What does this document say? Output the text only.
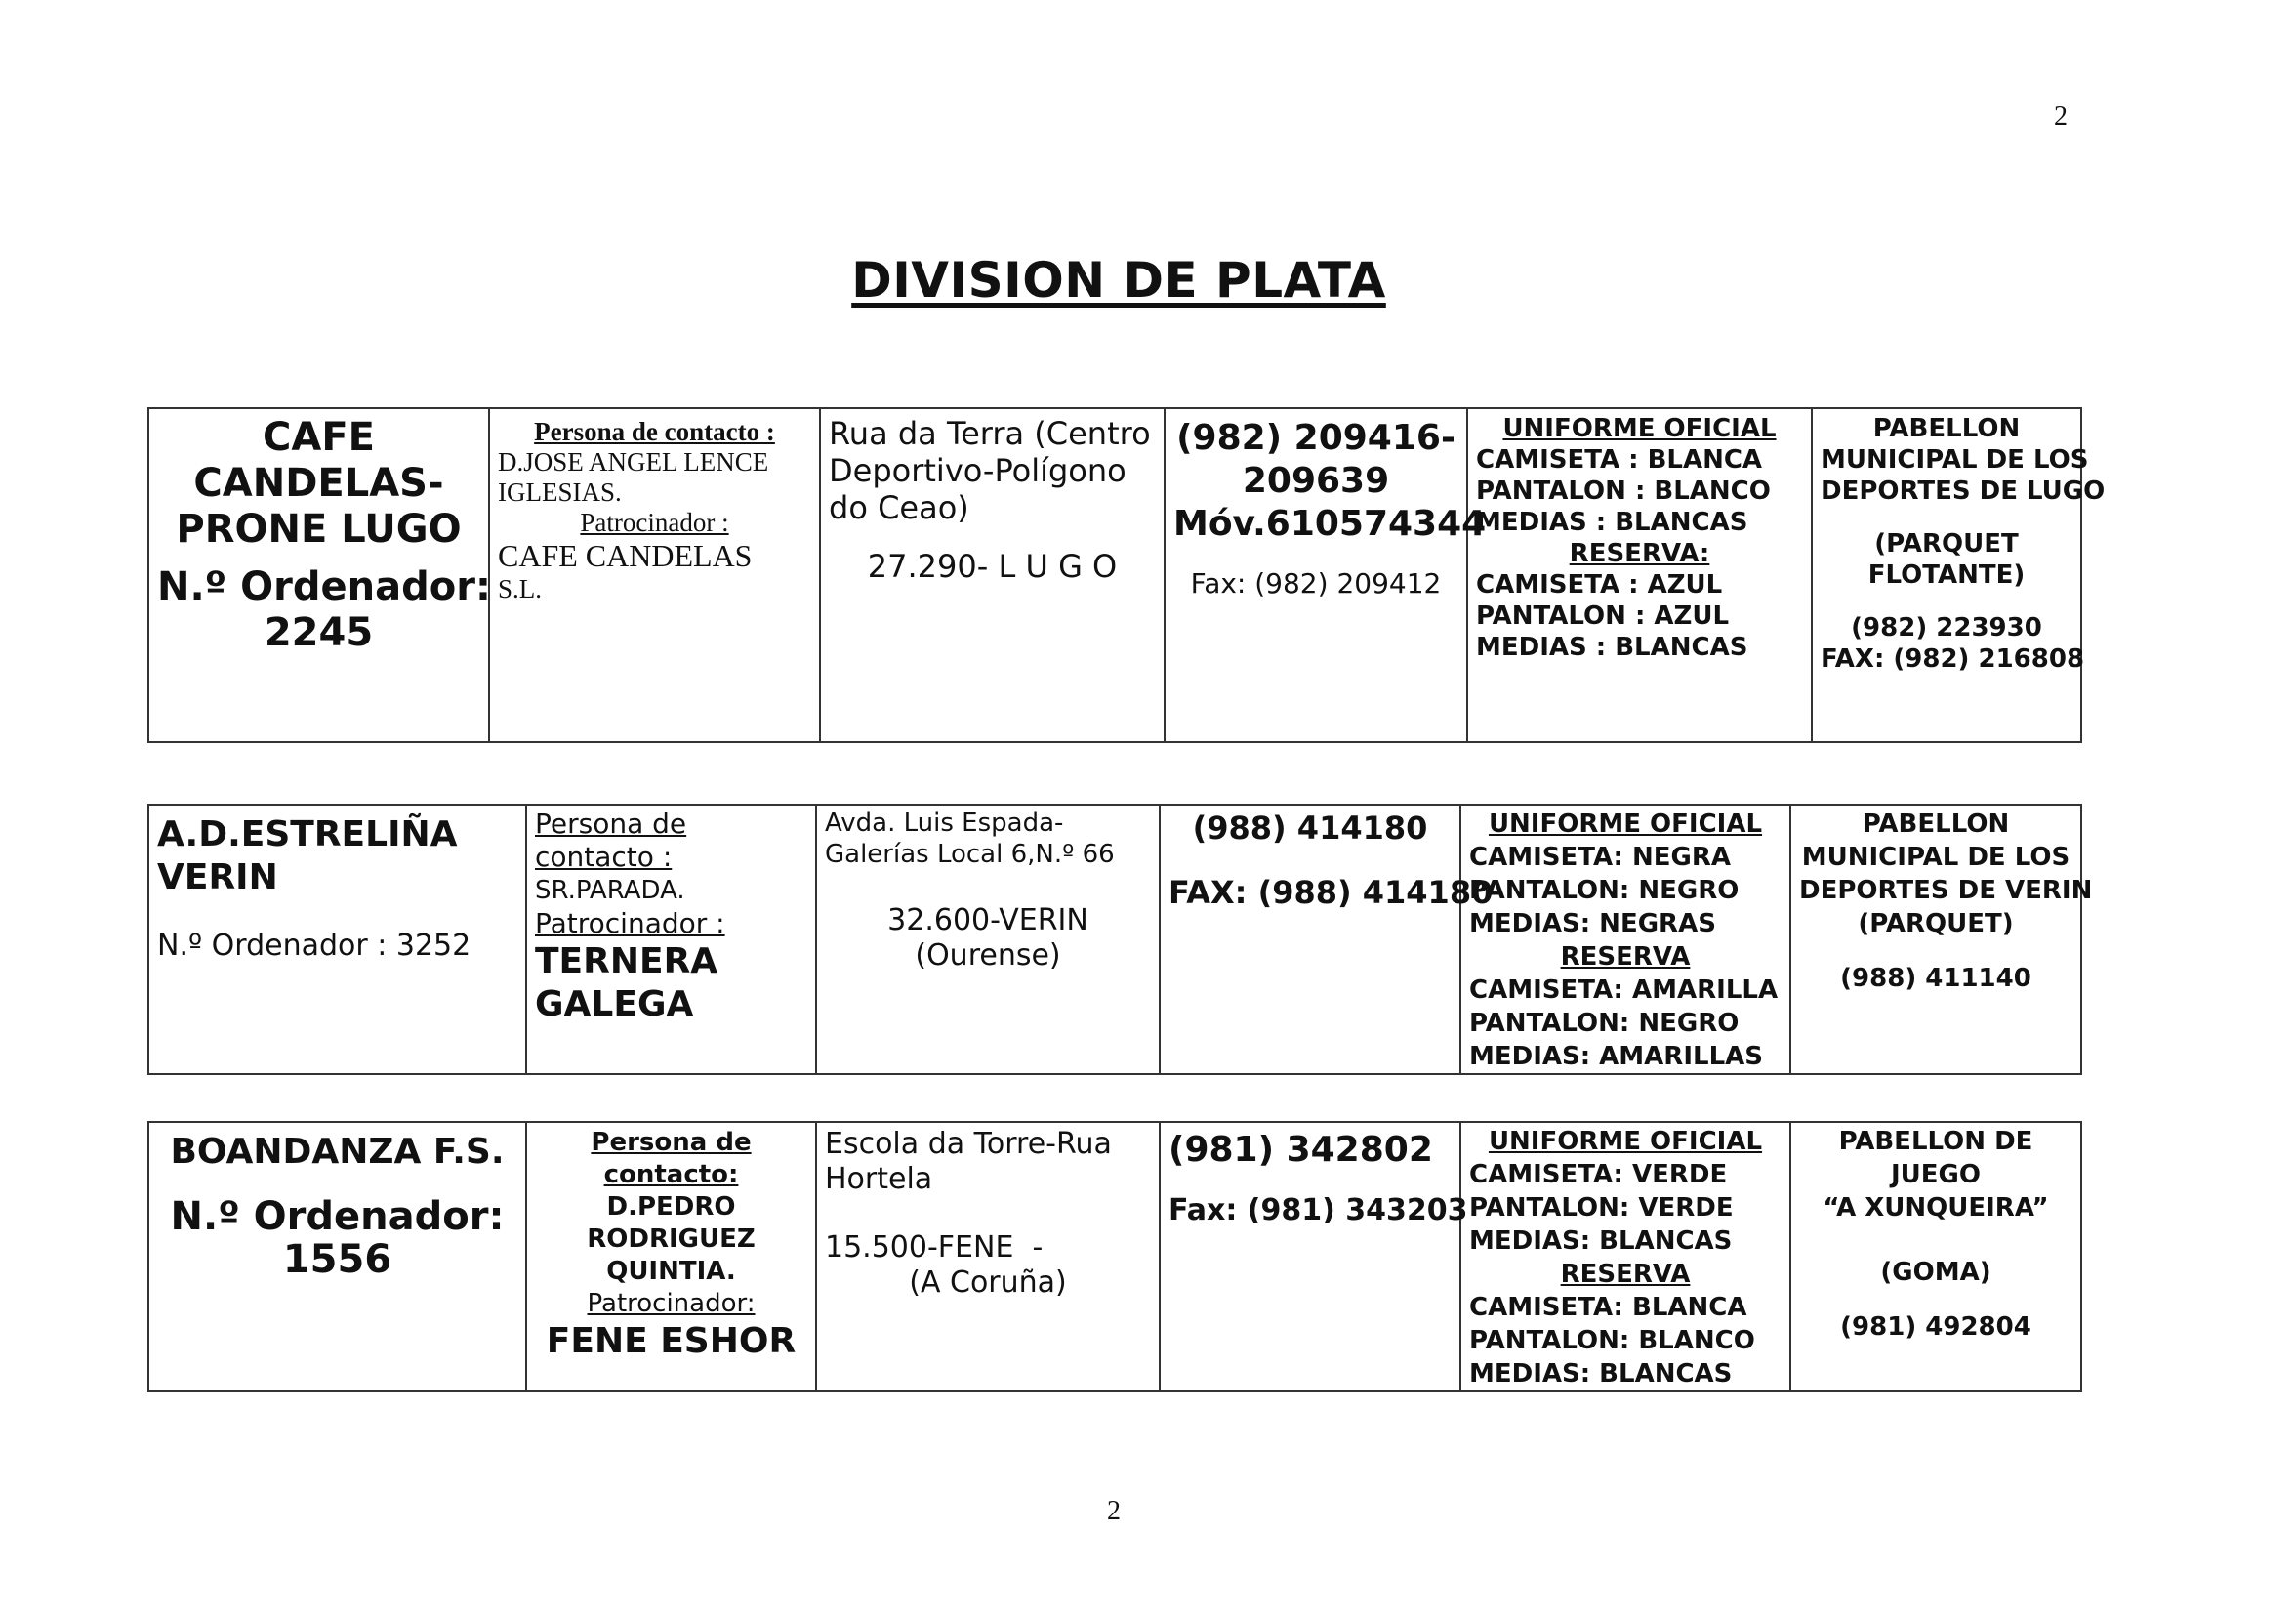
2
DIVISION DE PLATA
CAFE
CANDELAS-
PRONE LUGO
N.º Ordenador:
2245

Persona de contacto :
D.JOSE ANGEL LENCE
IGLESIAS.
Patrocinador :
CAFE CANDELAS
S.L.

Rua da Terra (Centro
Deportivo-Polígono
do Ceao)
27.290- L U G O

(982) 209416-
209639
Móv.610574344
Fax: (982) 209412

UNIFORME OFICIAL
CAMISETA : BLANCA
PANTALON : BLANCO
MEDIAS : BLANCAS
RESERVA:
CAMISETA : AZUL
PANTALON : AZUL
MEDIAS : BLANCAS

PABELLON
MUNICIPAL DE LOS
DEPORTES DE LUGO
(PARQUET
FLOTANTE)
(982) 223930
FAX: (982) 216808
A.D.ESTRELIÑA
VERIN
N.º Ordenador : 3252

Persona de
contacto :
SR.PARADA.
Patrocinador :
TERNERA
GALEGA

Avda. Luis Espada-
Galerías Local 6,N.º 66
32.600-VERIN
(Ourense)

(988) 414180
FAX: (988) 414180

UNIFORME OFICIAL
CAMISETA: NEGRA
PANTALON: NEGRO
MEDIAS: NEGRAS
RESERVA
CAMISETA: AMARILLA
PANTALON: NEGRO
MEDIAS: AMARILLAS

PABELLON
MUNICIPAL DE LOS
DEPORTES DE VERIN
(PARQUET)
(988) 411140
BOANDANZA F.S.
N.º Ordenador:
1556

Persona de
contacto:
D.PEDRO
RODRIGUEZ
QUINTIA.
Patrocinador:
FENE ESHOR

Escola da Torre-Rua
Hortela
15.500-FENE  -
(A Coruña)

(981) 342802
Fax: (981) 343203

UNIFORME OFICIAL
CAMISETA: VERDE
PANTALON: VERDE
MEDIAS: BLANCAS
RESERVA
CAMISETA: BLANCA
PANTALON: BLANCO
MEDIAS: BLANCAS

PABELLON DE
JUEGO
“A XUNQUEIRA”
(GOMA)
(981) 492804
2
